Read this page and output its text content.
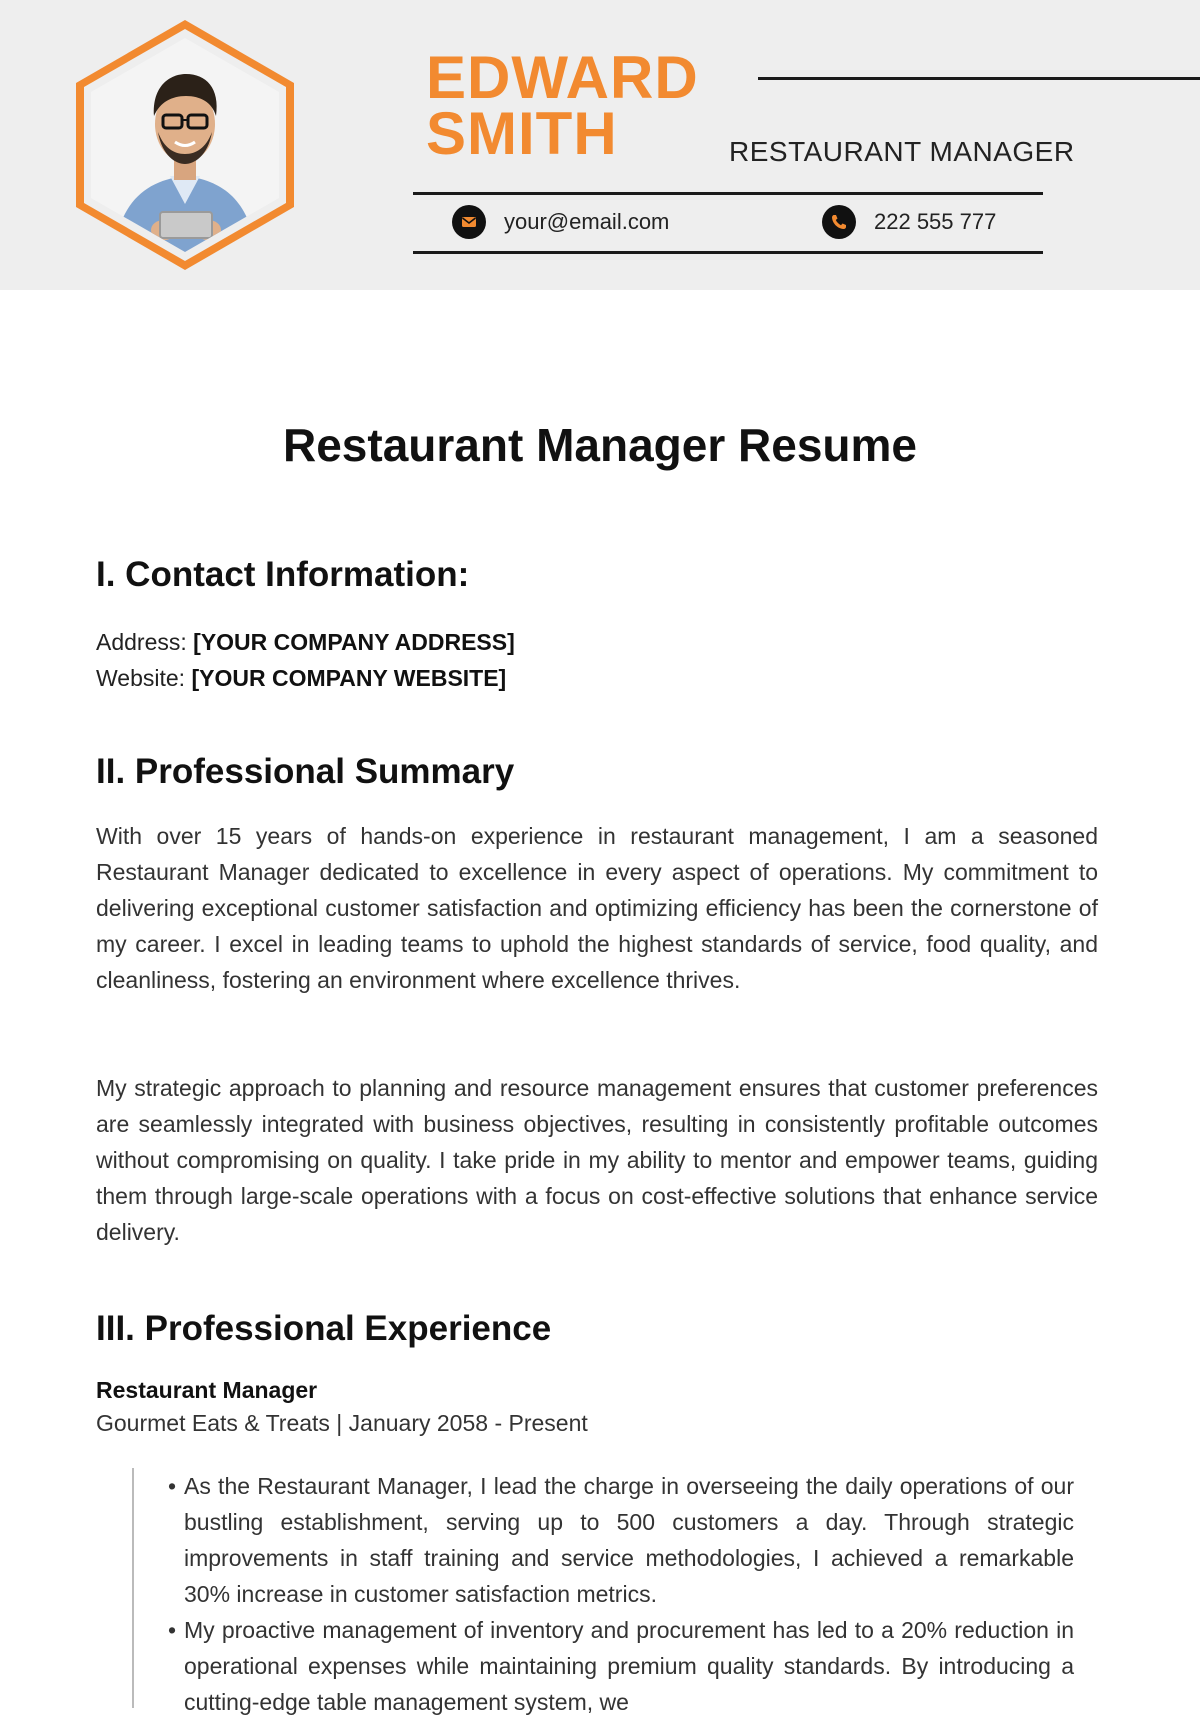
EDWARD
SMITH	RESTAURANT MANAGER
your@email.com	222 555 777
Restaurant Manager Resume
I. Contact Information:
Address: [YOUR COMPANY ADDRESS]
Website: [YOUR COMPANY WEBSITE]
II. Professional Summary

With over 15 years of hands-on experience in restaurant management, I am a seasoned Restaurant Manager dedicated to excellence in every aspect of operations. My commitment to delivering exceptional customer satisfaction and optimizing efficiency has been the cornerstone of my career. I excel in leading teams to uphold the highest standards of service, food quality, and cleanliness, fostering an environment where excellence thrives.

My strategic approach to planning and resource management ensures that customer preferences are seamlessly integrated with business objectives, resulting in consistently profitable outcomes without compromising on quality. I take pride in my ability to mentor and empower teams, guiding them through large-scale operations with a focus on cost-effective solutions that enhance service delivery.

III. Professional Experience
Restaurant Manager
Gourmet Eats & Treats | January 2058 - Present
• As the Restaurant Manager, I lead the charge in overseeing the daily operations of our bustling establishment, serving up to 500 customers a day. Through strategic improvements in staff training and service methodologies, I achieved a remarkable 30% increase in customer satisfaction metrics.
• My proactive management of inventory and procurement has led to a 20% reduction in operational expenses while maintaining premium quality standards. By introducing a cutting-edge table management system, we
